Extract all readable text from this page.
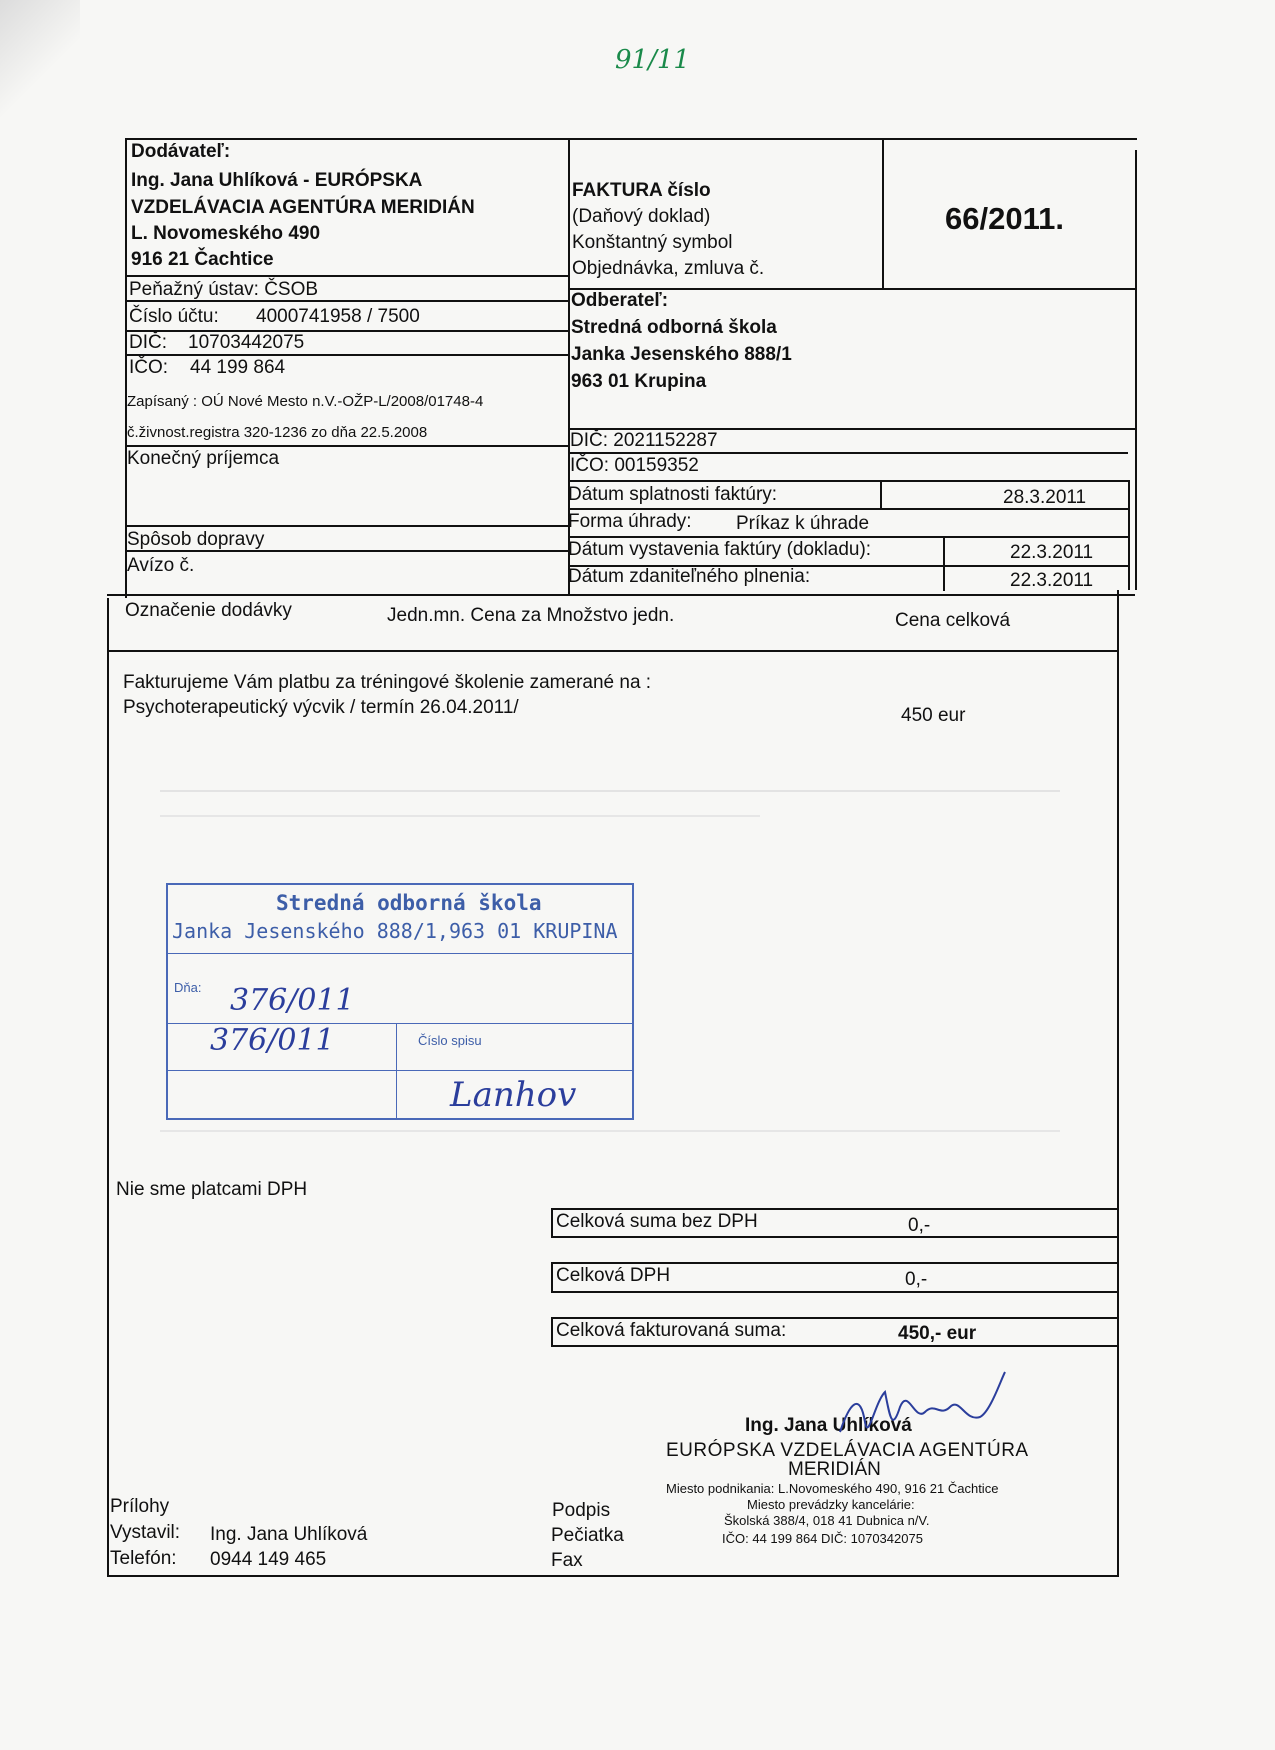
91/11
Dodávateľ:
Ing. Jana Uhlíková - EURÓPSKA
VZDELÁVACIA AGENTÚRA MERIDIÁN
L. Novomeského 490
916 21 Čachtice
Peňažný ústav: ČSOB
Číslo účtu: 4000741958 / 7500
DIČ: 10703442075
IČO: 44 199 864
Zapísaný : OÚ Nové Mesto n.V.-OŽP-L/2008/01748-4
č.živnost.registra 320-1236 zo dňa 22.5.2008
Konečný príjemca
Spôsob dopravy
Avízo č.
FAKTURA číslo
(Daňový doklad)
Konštantný symbol
Objednávka, zmluva č.
66/2011.
Odberateľ:
Stredná odborná škola
Janka Jesenského 888/1
963 01 Krupina
DIČ: 2021152287
IČO: 00159352
Dátum splatnosti faktúry:	28.3.2011
Forma úhrady: Príkaz k úhrade
Dátum vystavenia faktúry (dokladu):	22.3.2011
Dátum zdaniteľného plnenia:	22.3.2011
Označenie dodávky	Jedn.mn. Cena za Množstvo jedn.	Cena celková
Fakturujeme Vám platbu za tréningové školenie zamerané na :
Psychoterapeutický výcvik / termín 26.04.2011/	450 eur
Stredná odborná škola
Janka Jesenského 888/1,963 01 KRUPINA
Dňa:
Číslo spisu
376/011
376/011
Lanhov
Nie sme platcami DPH
Celková suma bez DPH	0,-
Celková DPH	0,-
Celková fakturovaná suma:	450,- eur
Ing. Jana Uhlíková
EURÓPSKA VZDELÁVACIA AGENTÚRA
MERIDIÁN
Miesto podnikania: L.Novomeského 490, 916 21 Čachtice
Miesto prevádzky kancelárie:
Školská 388/4, 018 41 Dubnica n/V.
IČO: 44 199 864 DIČ: 1070342075
Prílohy
Vystavil: Ing. Jana Uhlíková
Telefón: 0944 149 465
Podpis
Pečiatka
Fax
